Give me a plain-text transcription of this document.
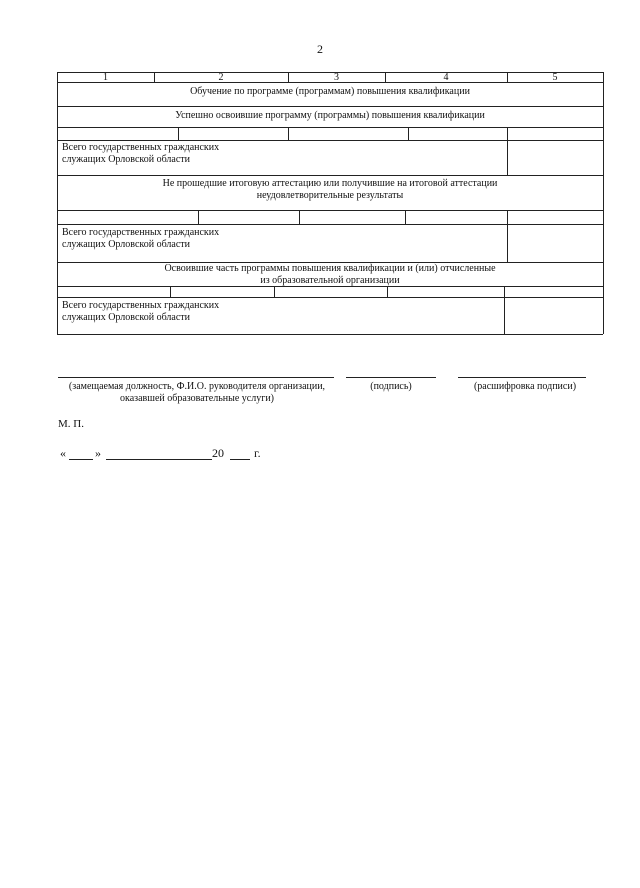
2
1	2	3	4	5
Обучение по программе (программам) повышения квалификации
Успешно освоившие программу (программы) повышения квалификации
Всего государственных гражданских
служащих Орловской области
Не прошедшие итоговую аттестацию или получившие на итоговой аттестации
неудовлетворительные результаты
Всего государственных гражданских
служащих Орловской области
Освоившие часть программы повышения квалификации и (или) отчисленные
из образовательной организации
Всего государственных гражданских
служащих Орловской области
(замещаемая должность, Ф.И.О. руководителя организации,
оказавшей образовательные услуги)
(подпись)	(расшифровка подписи)
М. П.
« »	20	г.
